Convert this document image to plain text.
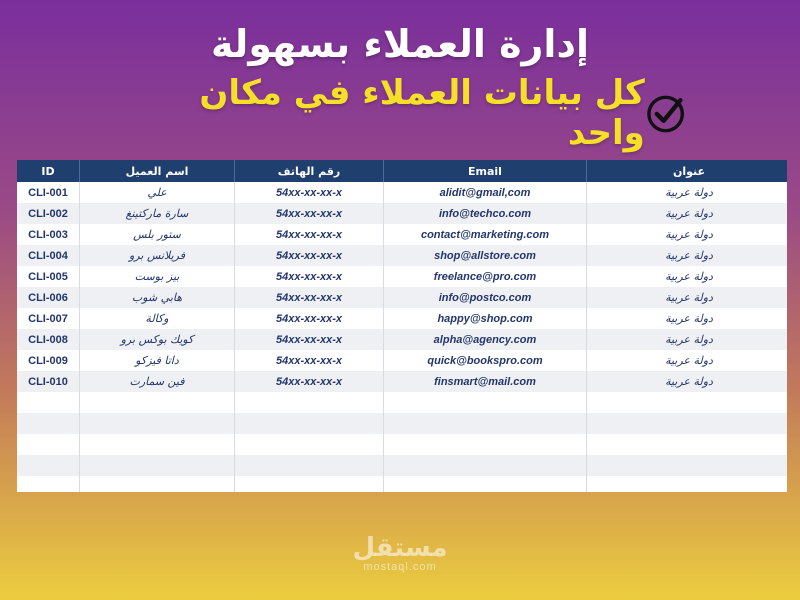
إدارة العملاء بسهولة
كل بيانات العملاء في مكان واحد
ID	اسم العميل	رقم الهاتف	Email	عنوان
CLI-001	علي	54xx-xx-xx-x	alidit@gmail,com	دولة عربية
CLI-002	سارة ماركتينغ	54xx-xx-xx-x	info@techco.com	دولة عربية
CLI-003	ستور بلس	54xx-xx-xx-x	contact@marketing.com	دولة عربية
CLI-004	فريلانس برو	54xx-xx-xx-x	shop@allstore.com	دولة عربية
CLI-005	بيز بوست	54xx-xx-xx-x	freelance@pro.com	دولة عربية
CLI-006	هابي شوب	54xx-xx-xx-x	info@postco.com	دولة عربية
CLI-007	وكالة	54xx-xx-xx-x	happy@shop.com	دولة عربية
CLI-008	كويك بوكس برو	54xx-xx-xx-x	alpha@agency.com	دولة عربية
CLI-009	داتا فيزكو	54xx-xx-xx-x	quick@bookspro.com	دولة عربية
CLI-010	فين سمارت	54xx-xx-xx-x	finsmart@mail.com	دولة عربية

مستقل
mostaql.com
